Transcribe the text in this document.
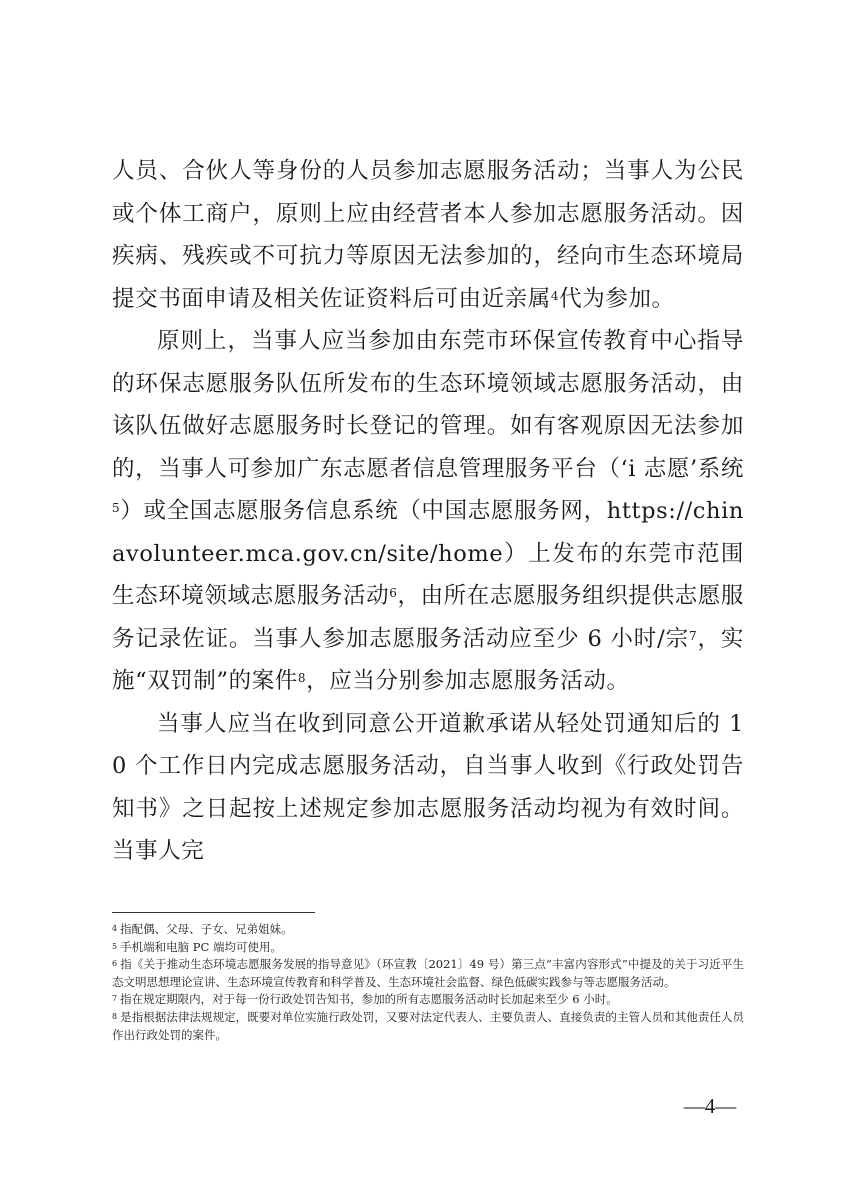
人员、合伙人等身份的人员参加志愿服务活动；当事人为公民或个体工商户，原则上应由经营者本人参加志愿服务活动。因疾病、残疾或不可抗力等原因无法参加的，经向市生态环境局提交书面申请及相关佐证资料后可由近亲属$^4$代为参加。

原则上，当事人应当参加由东莞市环保宣传教育中心指导的环保志愿服务队伍所发布的生态环境领域志愿服务活动，由该队伍做好志愿服务时长登记的管理。如有客观原因无法参加的，当事人可参加广东志愿者信息管理服务平台（‘i 志愿’系统$^5$）或全国志愿服务信息系统（中国志愿服务网，https://chinavolunteer.mca.gov.cn/site/home）上发布的东莞市范围生态环境领域志愿服务活动$^6$，由所在志愿服务组织提供志愿服务记录佐证。当事人参加志愿服务活动应至少 6 小时/宗$^7$，实施“双罚制”的案件$^8$，应当分别参加志愿服务活动。

当事人应当在收到同意公开道歉承诺从轻处罚通知后的 10 个工作日内完成志愿服务活动，自当事人收到《行政处罚告知书》之日起按上述规定参加志愿服务活动均视为有效时间。当事人完

$^4$ 指配偶、父母、子女、兄弟姐妹。

$^5$ 手机端和电脑 PC 端均可使用。

$^6$ 指《关于推动生态环境志愿服务发展的指导意见》（环宣教〔2021〕49 号）第三点“丰富内容形式”中提及的关于习近平生态文明思想理论宣讲、生态环境宣传教育和科学普及、生态环境社会监督、绿色低碳实践参与等志愿服务活动。

$^7$ 指在规定期限内，对于每一份行政处罚告知书，参加的所有志愿服务活动时长加起来至少 6 小时。

$^8$ 是指根据法律法规规定，既要对单位实施行政处罚，又要对法定代表人、主要负责人、直接负责的主管人员和其他责任人员作出行政处罚的案件。

—4—
